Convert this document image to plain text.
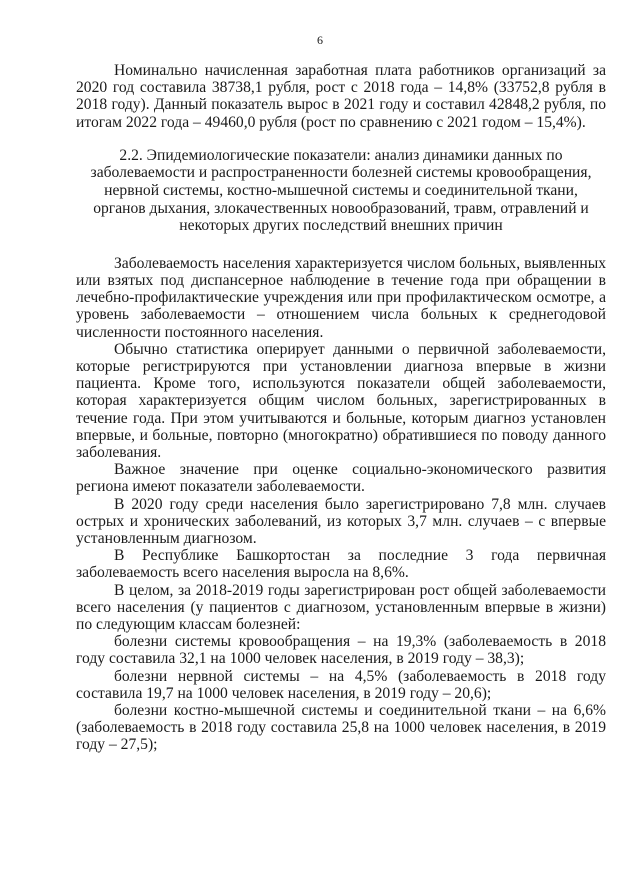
6

Номинально начисленная заработная плата работников организаций за 2020 год составила 38738,1 рубля, рост с 2018 года – 14,8% (33752,8 рубля в 2018 году). Данный показатель вырос в 2021 году и составил 42848,2 рубля, по итогам 2022 года – 49460,0 рубля (рост по сравнению с 2021 годом – 15,4%).

2.2. Эпидемиологические показатели: анализ динамики данных по заболеваемости и распространенности болезней системы кровообращения, нервной системы, костно-мышечной системы и соединительной ткани, органов дыхания, злокачественных новообразований, травм, отравлений и некоторых других последствий внешних причин

Заболеваемость населения характеризуется числом больных, выявленных или взятых под диспансерное наблюдение в течение года при обращении в лечебно-профилактические учреждения или при профилактическом осмотре, а уровень заболеваемости – отношением числа больных к среднегодовой численности постоянного населения.

Обычно статистика оперирует данными о первичной заболеваемости, которые регистрируются при установлении диагноза впервые в жизни пациента. Кроме того, используются показатели общей заболеваемости, которая характеризуется общим числом больных, зарегистрированных в течение года. При этом учитываются и больные, которым диагноз установлен впервые, и больные, повторно (многократно) обратившиеся по поводу данного заболевания.

Важное значение при оценке социально-экономического развития региона имеют показатели заболеваемости.

В 2020 году среди населения было зарегистрировано 7,8 млн. случаев острых и хронических заболеваний, из которых 3,7 млн. случаев – с впервые установленным диагнозом.

В Республике Башкортостан за последние 3 года первичная заболеваемость всего населения выросла на 8,6%.

В целом, за 2018-2019 годы зарегистрирован рост общей заболеваемости всего населения (у пациентов с диагнозом, установленным впервые в жизни) по следующим классам болезней:

болезни системы кровообращения – на 19,3% (заболеваемость в 2018 году составила 32,1 на 1000 человек населения, в 2019 году – 38,3);

болезни нервной системы – на 4,5% (заболеваемость в 2018 году составила 19,7 на 1000 человек населения, в 2019 году – 20,6);

болезни костно-мышечной системы и соединительной ткани – на 6,6% (заболеваемость в 2018 году составила 25,8 на 1000 человек населения, в 2019 году – 27,5);
